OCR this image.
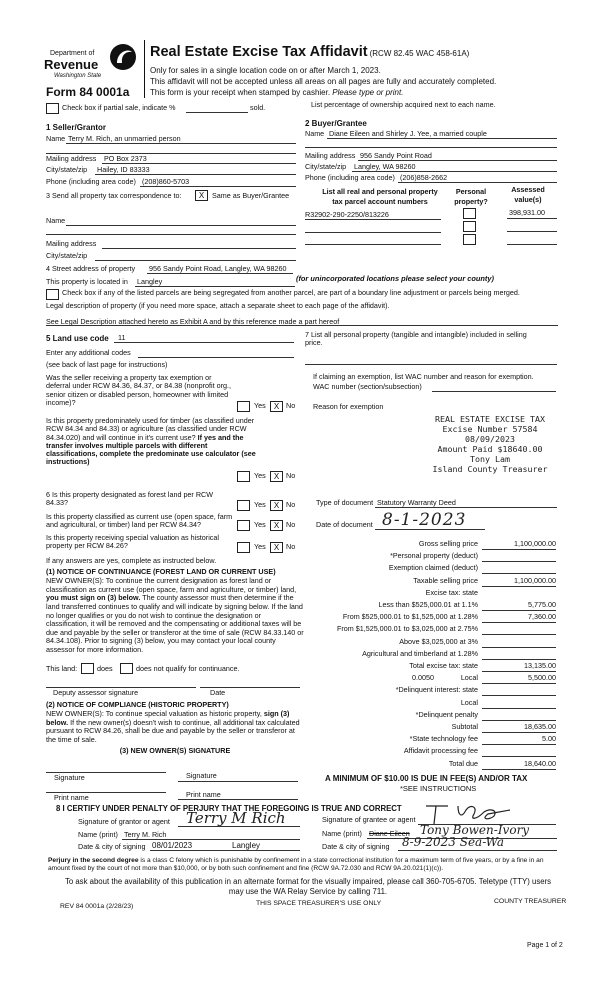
Department of
Revenue
Washington State
Form 84 0001a
Real Estate Excise Tax Affidavit (RCW 82.45 WAC 458-61A)
Only for sales in a single location code on or after March 1, 2023.
This affidavit will not be accepted unless all areas on all pages are fully and accurately completed.
This form is your receipt when stamped by cashier. Please type or print.
Check box if partial sale, indicate %	sold.	List percentage of ownership acquired next to each name.
1 Seller/Grantor
Name Terry M. Rich, an unmarried person
Mailing address PO Box 2373
City/state/zip Hailey, ID 83333
Phone (including area code) (208)860-5703
2 Buyer/Grantee
Name Diane Eileen and Shirley J. Yee, a married couple
Mailing address 956 Sandy Point Road
City/state/zip Langley, WA 98260
Phone (including area code) (206)858-2662
3 Send all property tax correspondence to:	X	Same as Buyer/Grantee
Name
Mailing address
City/state/zip
List all real and personal property
tax parcel account numbers
Personal
property?
Assessed
value(s)
R32902-290-2250/813226	398,931.00
4 Street address of property 956 Sandy Point Road, Langley, WA 98260
This property is located in Langley	(for unincorporated locations please select your county)
Check box if any of the listed parcels are being segregated from another parcel, are part of a boundary line adjustment or parcels being merged.
Legal description of property (if you need more space, attach a separate sheet to each page of the affidavit).
See Legal Description attached hereto as Exhibit A and by this reference made a part hereof
5 Land use code 11
Enter any additional codes
(see back of last page for instructions)
Was the seller receiving a property tax exemption or deferral under RCW 84.36, 84.37, or 84.38 (nonprofit org., senior citizen or disabled person, homeowner with limited income)?	Yes	X No
Is this property predominately used for timber (as classified under RCW 84.34 and 84.33) or agriculture (as classified under RCW 84.34.020) and will continue in it's current use? If yes and the transfer involves multiple parcels with different classifications, complete the predominate use calculator (see instructions)
Yes	X No
6 Is this property designated as forest land per RCW 84.33?	Yes	X No
Is this property classified as current use (open space, farm and agricultural, or timber) land per RCW 84.34?	Yes	X No
Is this property receiving special valuation as historical property per RCW 84.26?	Yes	X No
If any answers are yes, complete as instructed below.
(1) NOTICE OF CONTINUANCE (FOREST LAND OR CURRENT USE)
NEW OWNER(S): To continue the current designation as forest land or classification as current use (open space, farm and agriculture, or timber) land, you must sign on (3) below. The county assessor must then determine if the land transferred continues to qualify and will indicate by signing below. If the land no longer qualifies or you do not wish to continue the designation or classification, it will be removed and the compensating or additional taxes will be due and payable by the seller or transferor at the time of sale (RCW 84.33.140 or 84.34.108). Prior to signing (3) below, you may contact your local county assessor for more information.
This land:	does	does not qualify for continuance.
Deputy assessor signature	Date
(2) NOTICE OF COMPLIANCE (HISTORIC PROPERTY)
NEW OWNER(S): To continue special valuation as historic property, sign (3) below. If the new owner(s) doesn't wish to continue, all additional tax calculated pursuant to RCW 84.26, shall be due and payable by the seller or transferor at the time of sale.
(3) NEW OWNER(S) SIGNATURE
Signature	Signature
Print name	Print name
7 List all personal property (tangible and intangible) included in selling price.
If claiming an exemption, list WAC number and reason for exemption.
WAC number (section/subsection)
Reason for exemption
REAL ESTATE EXCISE TAX
Excise Number 57584
08/09/2023
Amount Paid $18640.00
Tony Lam
Island County Treasurer
Type of document Statutory Warranty Deed
Date of document 8-1-2023
Gross selling price	1,100,000.00
*Personal property (deduct)
Exemption claimed (deduct)
Taxable selling price	1,100,000.00
Excise tax: state
Less than $525,000.01 at 1.1%	5,775.00
From $525,000.01 to $1,525,000 at 1.28%	7,360.00
From $1,525,000.01 to $3,025,000 at 2.75%
Above $3,025,000 at 3%
Agricultural and timberland at 1.28%
Total excise tax: state	13,135.00
Local
0.0050	5,500.00
*Delinquent interest: state
Local
*Delinquent penalty
Subtotal	18,635.00
*State technology fee	5.00
Affidavit processing fee
Total due	18,640.00
A MINIMUM OF $10.00 IS DUE IN FEE(S) AND/OR TAX
*SEE INSTRUCTIONS
8 I CERTIFY UNDER PENALTY OF PERJURY THAT THE FOREGOING IS TRUE AND CORRECT
Signature of grantor or agent Terry M Rich
Name (print) Terry M. Rich
Date & city of signing 08/01/2023	Langley
Signature of grantee or agent
Name (print) Diane Eileen Tony Bowen-Ivory
Date & city of signing 8-9-2023 Sea-Wa
Perjury in the second degree is a class C felony which is punishable by confinement in a state correctional institution for a maximum term of five years, or by a fine in an amount fixed by the court of not more than $10,000, or by both such confinement and fine (RCW 9A.72.030 and RCW 9A.20.021(1)(c)).
To ask about the availability of this publication in an alternate format for the visually impaired, please call 360-705-6705. Teletype (TTY) users may use the WA Relay Service by calling 711.
REV 84 0001a (2/28/23)	THIS SPACE TREASURER'S USE ONLY	COUNTY TREASURER
Page 1 of 2
